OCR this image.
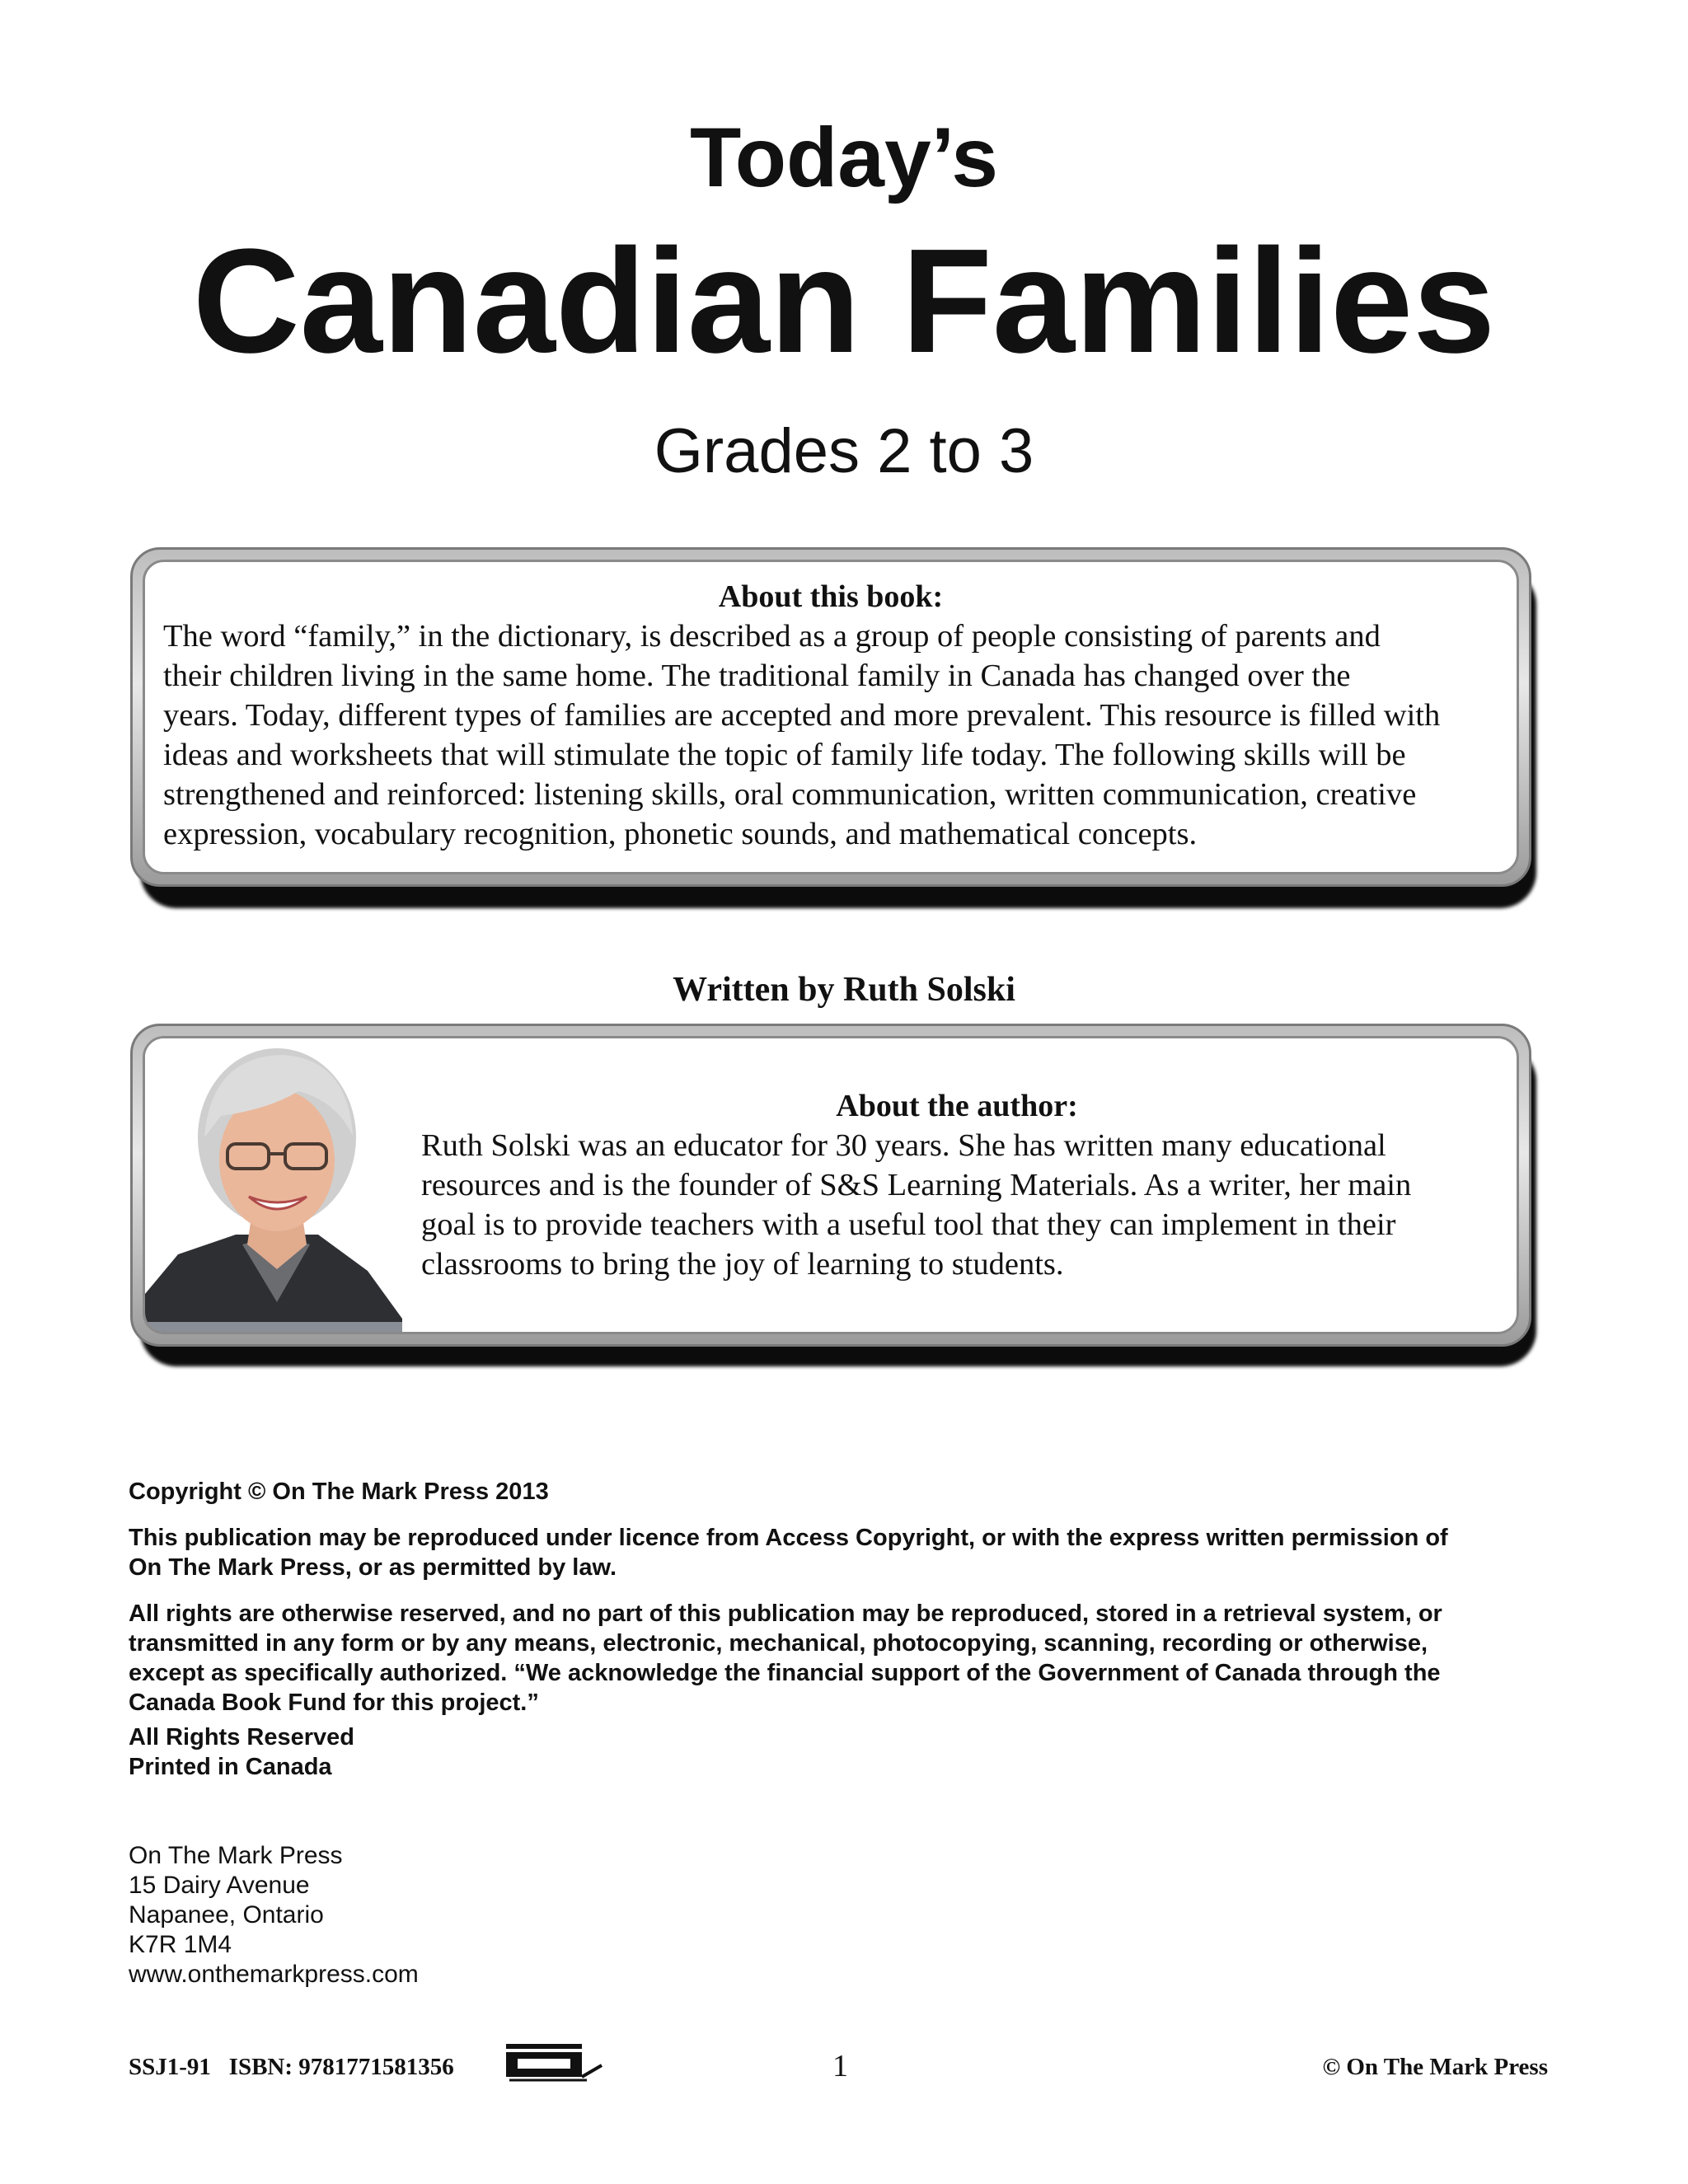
Today’s
Canadian Families
Grades 2 to 3
About this book:
The word “family,” in the dictionary, is described as a group of people consisting of parents and
their children living in the same home. The traditional family in Canada has changed over the
years. Today, different types of families are accepted and more prevalent. This resource is filled with
ideas and worksheets that will stimulate the topic of family life today. The following skills will be
strengthened and reinforced: listening skills, oral communication, written communication, creative
expression, vocabulary recognition, phonetic sounds, and mathematical concepts.
Written by Ruth Solski
About the author:
Ruth Solski was an educator for 30 years. She has written many educational
resources and is the founder of S&S Learning Materials. As a writer, her main
goal is to provide teachers with a useful tool that they can implement in their
classrooms to bring the joy of learning to students.
Copyright © On The Mark Press 2013

This publication may be reproduced under licence from Access Copyright, or with the express written permission of

On The Mark Press, or as permitted by law.

All rights are otherwise reserved, and no part of this publication may be reproduced, stored in a retrieval system, or

transmitted in any form or by any means, electronic, mechanical, photocopying, scanning, recording or otherwise,

except as specifically authorized. “We acknowledge the financial support of the Government of Canada through the

Canada Book Fund for this project.”

All Rights Reserved

Printed in Canada

On The Mark Press
15 Dairy Avenue
Napanee, Ontario
K7R 1M4
www.onthemarkpress.com
SSJ1-91   ISBN: 9781771581356	1	© On The Mark Press
